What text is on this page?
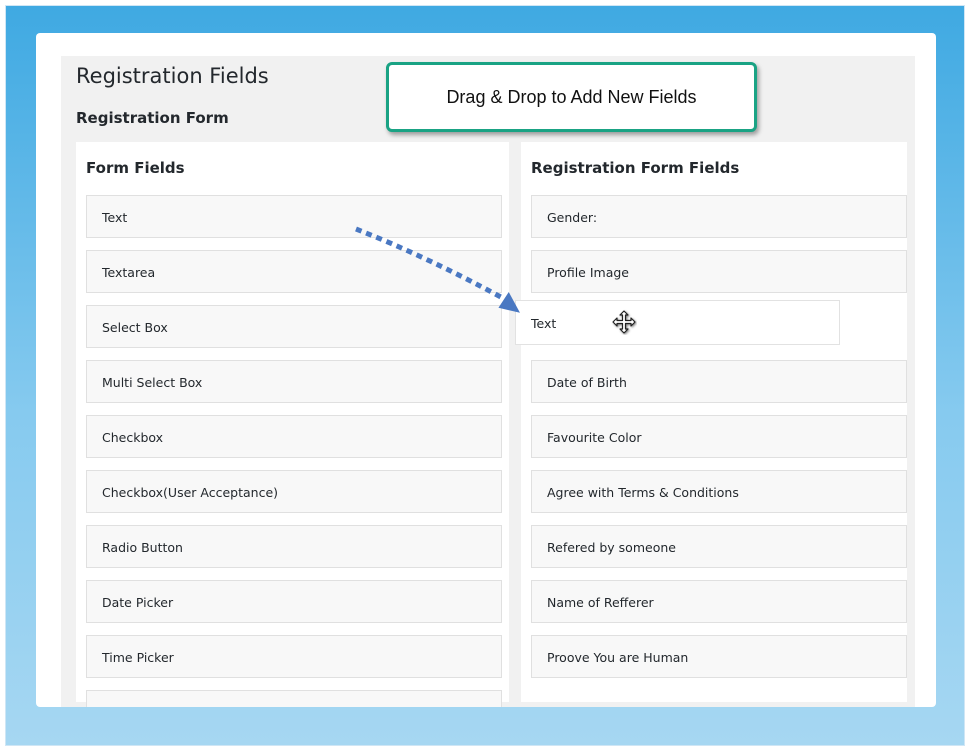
Registration Fields
Registration Form
Form Fields
Text
Textarea
Select Box
Multi Select Box
Checkbox
Checkbox(User Acceptance)
Radio Button
Date Picker
Time Picker
Registration Form Fields
Gender:
Profile Image
Date of Birth
Favourite Color
Agree with Terms & Conditions
Refered by someone
Name of Refferer
Proove You are Human
Text
Drag & Drop to Add New Fields
